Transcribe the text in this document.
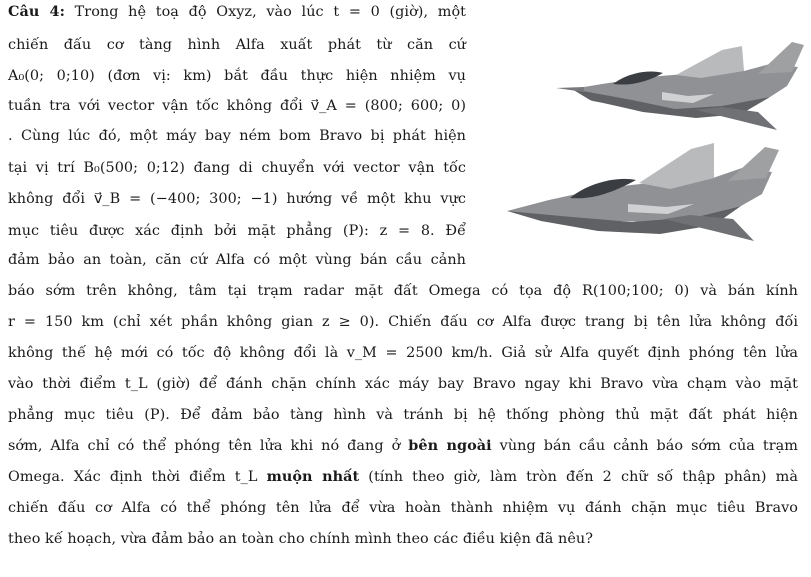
Câu 4: Trong hệ toạ độ Oxyz, vào lúc t = 0 (giờ), một
chiến đấu cơ tàng hình Alfa xuất phát từ căn cứ
A₀(0; 0;10) (đơn vị: km) bắt đầu thực hiện nhiệm vụ
tuần tra với vector vận tốc không đổi v⃗_A = (800; 600; 0)
. Cùng lúc đó, một máy bay ném bom Bravo bị phát hiện
tại vị trí B₀(500; 0;12) đang di chuyển với vector vận tốc
không đổi v⃗_B = (−400; 300; −1) hướng về một khu vực
mục tiêu được xác định bởi mặt phẳng (P): z = 8. Để
đảm bảo an toàn, căn cứ Alfa có một vùng bán cầu cảnh
báo sớm trên không, tâm tại trạm radar mặt đất Omega có tọa độ R(100;100; 0) và bán kính
r = 150 km (chỉ xét phần không gian z ≥ 0). Chiến đấu cơ Alfa được trang bị tên lửa không đối
không thế hệ mới có tốc độ không đổi là v_M = 2500 km/h. Giả sử Alfa quyết định phóng tên lửa
vào thời điểm t_L (giờ) để đánh chặn chính xác máy bay Bravo ngay khi Bravo vừa chạm vào mặt
phẳng mục tiêu (P). Để đảm bảo tàng hình và tránh bị hệ thống phòng thủ mặt đất phát hiện
sớm, Alfa chỉ có thể phóng tên lửa khi nó đang ở bên ngoài vùng bán cầu cảnh báo sớm của trạm
Omega. Xác định thời điểm t_L muộn nhất (tính theo giờ, làm tròn đến 2 chữ số thập phân) mà
chiến đấu cơ Alfa có thể phóng tên lửa để vừa hoàn thành nhiệm vụ đánh chặn mục tiêu Bravo
theo kế hoạch, vừa đảm bảo an toàn cho chính mình theo các điều kiện đã nêu?
